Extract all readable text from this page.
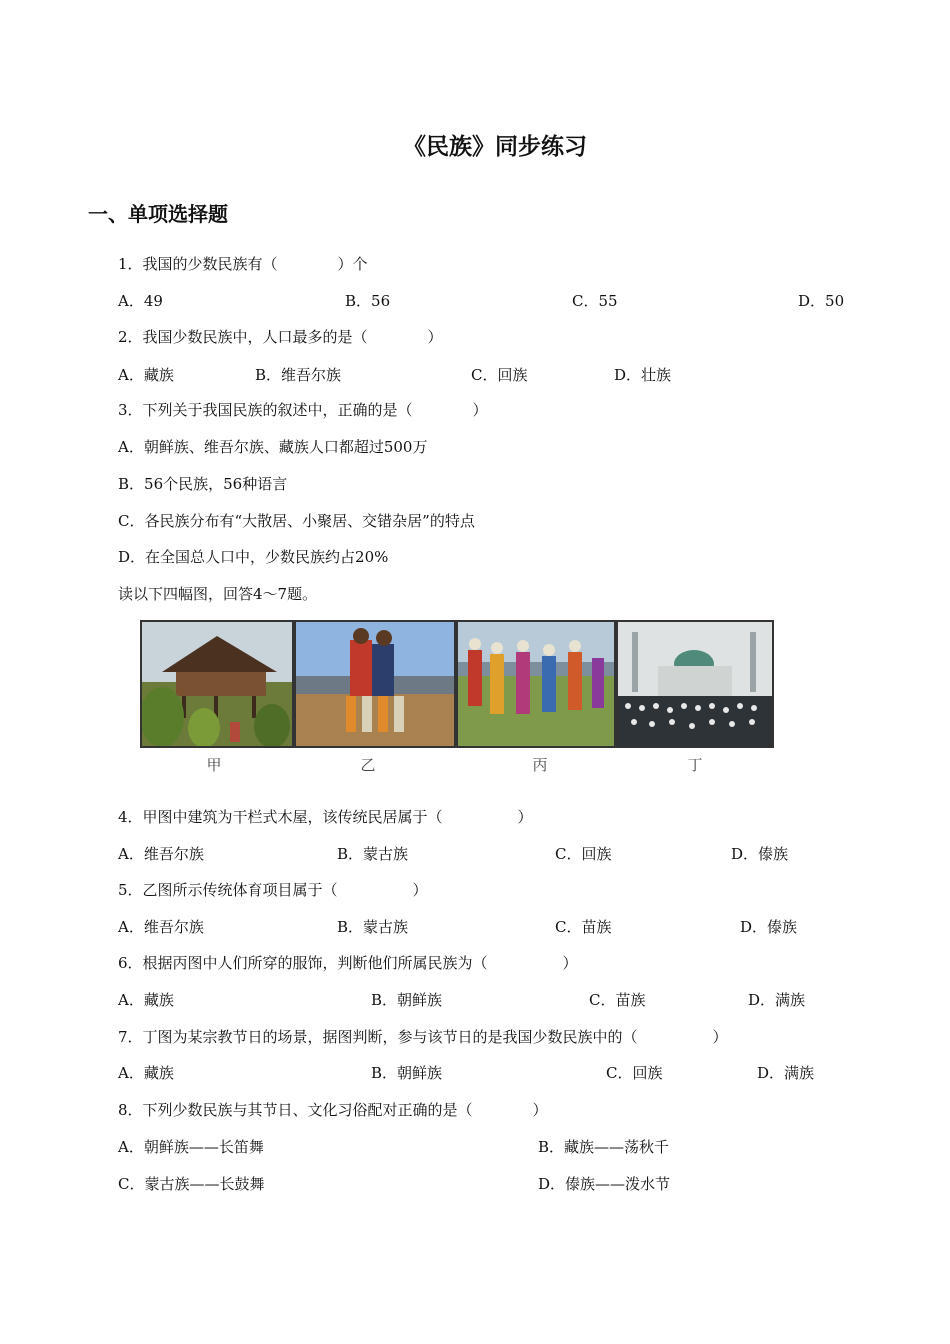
《民族》同步练习
一、单项选择题
1．我国的少数民族有（　　　　）个
A．49	B．56	C．55	D．50
2．我国少数民族中，人口最多的是（　　　　）
A．藏族	B．维吾尔族	C．回族	D．壮族
3．下列关于我国民族的叙述中，正确的是（　　　　）
A．朝鲜族、维吾尔族、藏族人口都超过500万
B．56个民族，56种语言
C．各民族分布有“大散居、小聚居、交错杂居”的特点
D．在全国总人口中，少数民族约占20%
读以下四幅图，回答4～7题。
甲	乙	丙	丁
4．甲图中建筑为干栏式木屋，该传统民居属于（　　　　　）
A．维吾尔族	B．蒙古族	C．回族	D．傣族
5．乙图所示传统体育项目属于（　　　　　）
A．维吾尔族	B．蒙古族	C．苗族	D．傣族
6．根据丙图中人们所穿的服饰，判断他们所属民族为（　　　　　）
A．藏族	B．朝鲜族	C．苗族	D．满族
7．丁图为某宗教节日的场景，据图判断，参与该节日的是我国少数民族中的（　　　　　）
A．藏族	B．朝鲜族	C．回族	D．满族
8．下列少数民族与其节日、文化习俗配对正确的是（　　　　）
A．朝鲜族——长笛舞	B．藏族——荡秋千
C．蒙古族——长鼓舞	D．傣族——泼水节
